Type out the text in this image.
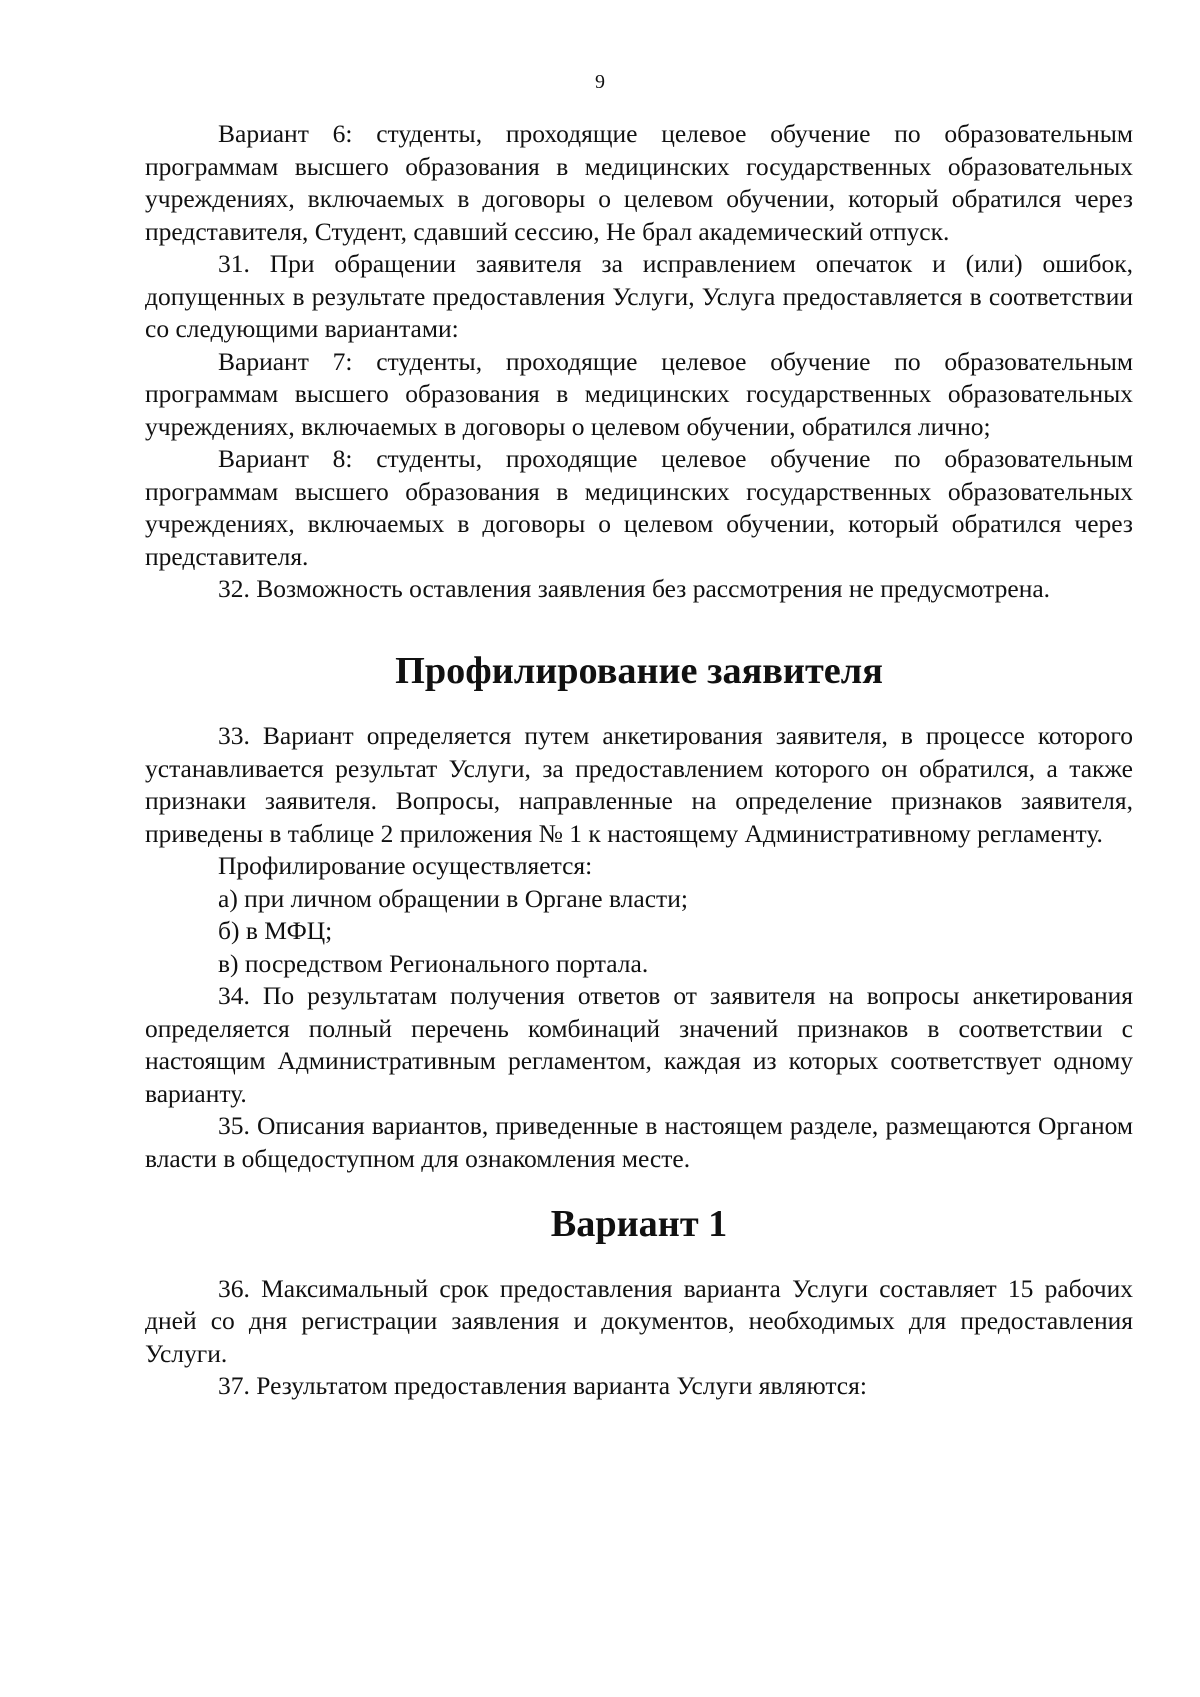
9

Вариант 6: студенты, проходящие целевое обучение по образовательным программам высшего образования в медицинских государственных образовательных учреждениях, включаемых в договоры о целевом обучении, который обратился через представителя, Студент, сдавший сессию, Не брал академический отпуск.

31. При обращении заявителя за исправлением опечаток и (или) ошибок, допущенных в результате предоставления Услуги, Услуга предоставляется в соответствии со следующими вариантами:

Вариант 7: студенты, проходящие целевое обучение по образовательным программам высшего образования в медицинских государственных образовательных учреждениях, включаемых в договоры о целевом обучении, обратился лично;

Вариант 8: студенты, проходящие целевое обучение по образовательным программам высшего образования в медицинских государственных образовательных учреждениях, включаемых в договоры о целевом обучении, который обратился через представителя.

32. Возможность оставления заявления без рассмотрения не предусмотрена.

Профилирование заявителя

33. Вариант определяется путем анкетирования заявителя, в процессе которого устанавливается результат Услуги, за предоставлением которого он обратился, а также признаки заявителя. Вопросы, направленные на определение признаков заявителя, приведены в таблице 2 приложения № 1 к настоящему Административному регламенту.

Профилирование осуществляется:

а) при личном обращении в Органе власти;

б) в МФЦ;

в) посредством Регионального портала.

34. По результатам получения ответов от заявителя на вопросы анкетирования определяется полный перечень комбинаций значений признаков в соответствии с настоящим Административным регламентом, каждая из которых соответствует одному варианту.

35. Описания вариантов, приведенные в настоящем разделе, размещаются Органом власти в общедоступном для ознакомления месте.

Вариант 1

36. Максимальный срок предоставления варианта Услуги составляет 15 рабочих дней со дня регистрации заявления и документов, необходимых для предоставления Услуги.

37. Результатом предоставления варианта Услуги являются:
